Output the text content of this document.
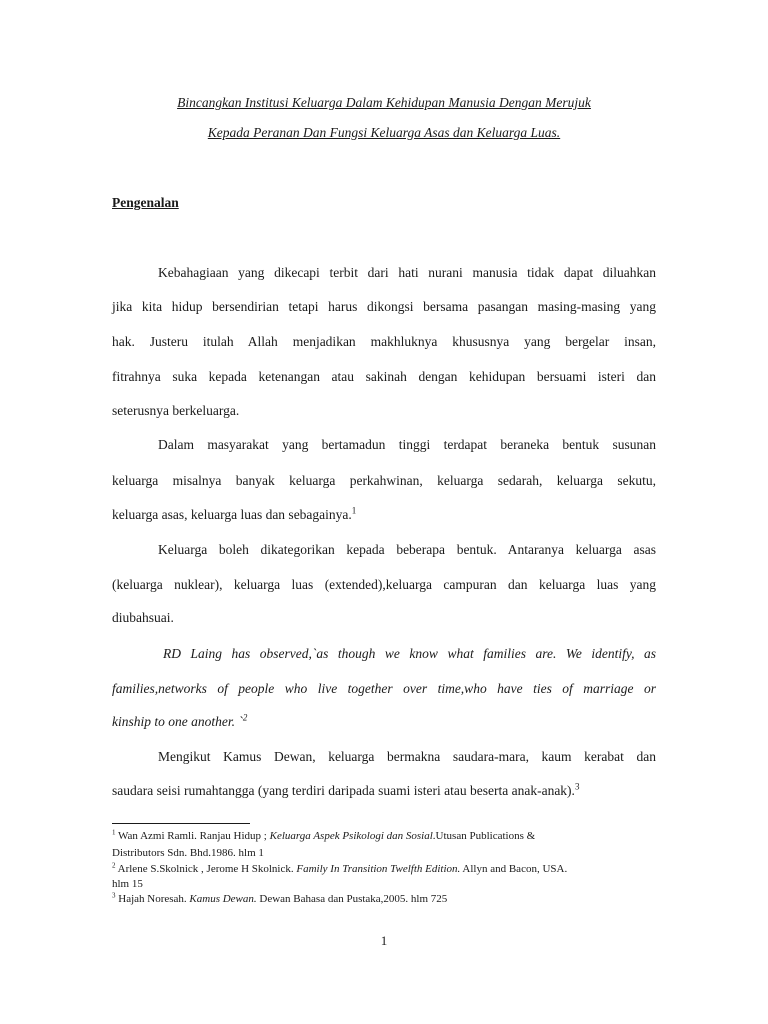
Bincangkan Institusi Keluarga Dalam Kehidupan Manusia Dengan Merujuk
Kepada Peranan Dan Fungsi Keluarga Asas dan Keluarga Luas.
Pengenalan
Kebahagiaan yang dikecapi terbit dari hati nurani manusia tidak dapat diluahkan
jika kita hidup bersendirian tetapi harus dikongsi bersama pasangan masing-masing yang
hak. Justeru itulah Allah menjadikan makhluknya khususnya yang bergelar insan,
fitrahnya suka kepada ketenangan atau sakinah dengan kehidupan bersuami isteri dan
seterusnya berkeluarga.
Dalam masyarakat yang bertamadun tinggi terdapat beraneka bentuk susunan
keluarga misalnya banyak keluarga perkahwinan, keluarga sedarah, keluarga sekutu,
keluarga asas, keluarga luas dan sebagainya.$^1$
Keluarga boleh dikategorikan kepada beberapa bentuk. Antaranya keluarga asas
(keluarga nuklear), keluarga luas (extended),keluarga campuran dan keluarga luas yang
diubahsuai.
RD Laing has observed,`as though we know what families are. We identify, as
families,networks of people who live together over time,who have ties of marriage or
kinship to one another. `$^2$
Mengikut Kamus Dewan, keluarga bermakna saudara-mara, kaum kerabat dan
saudara seisi rumahtangga (yang terdiri daripada suami isteri atau beserta anak-anak).$^3$
$^1$ Wan Azmi Ramli. Ranjau Hidup ; Keluarga Aspek Psikologi dan Sosial.Utusan Publications &
Distributors Sdn. Bhd.1986. hlm 1
$^2$ Arlene S.Skolnick , Jerome H Skolnick. Family In Transition Twelfth Edition. Allyn and Bacon, USA.
hlm 15
$^3$ Hajah Noresah. Kamus Dewan. Dewan Bahasa dan Pustaka,2005. hlm 725
1
